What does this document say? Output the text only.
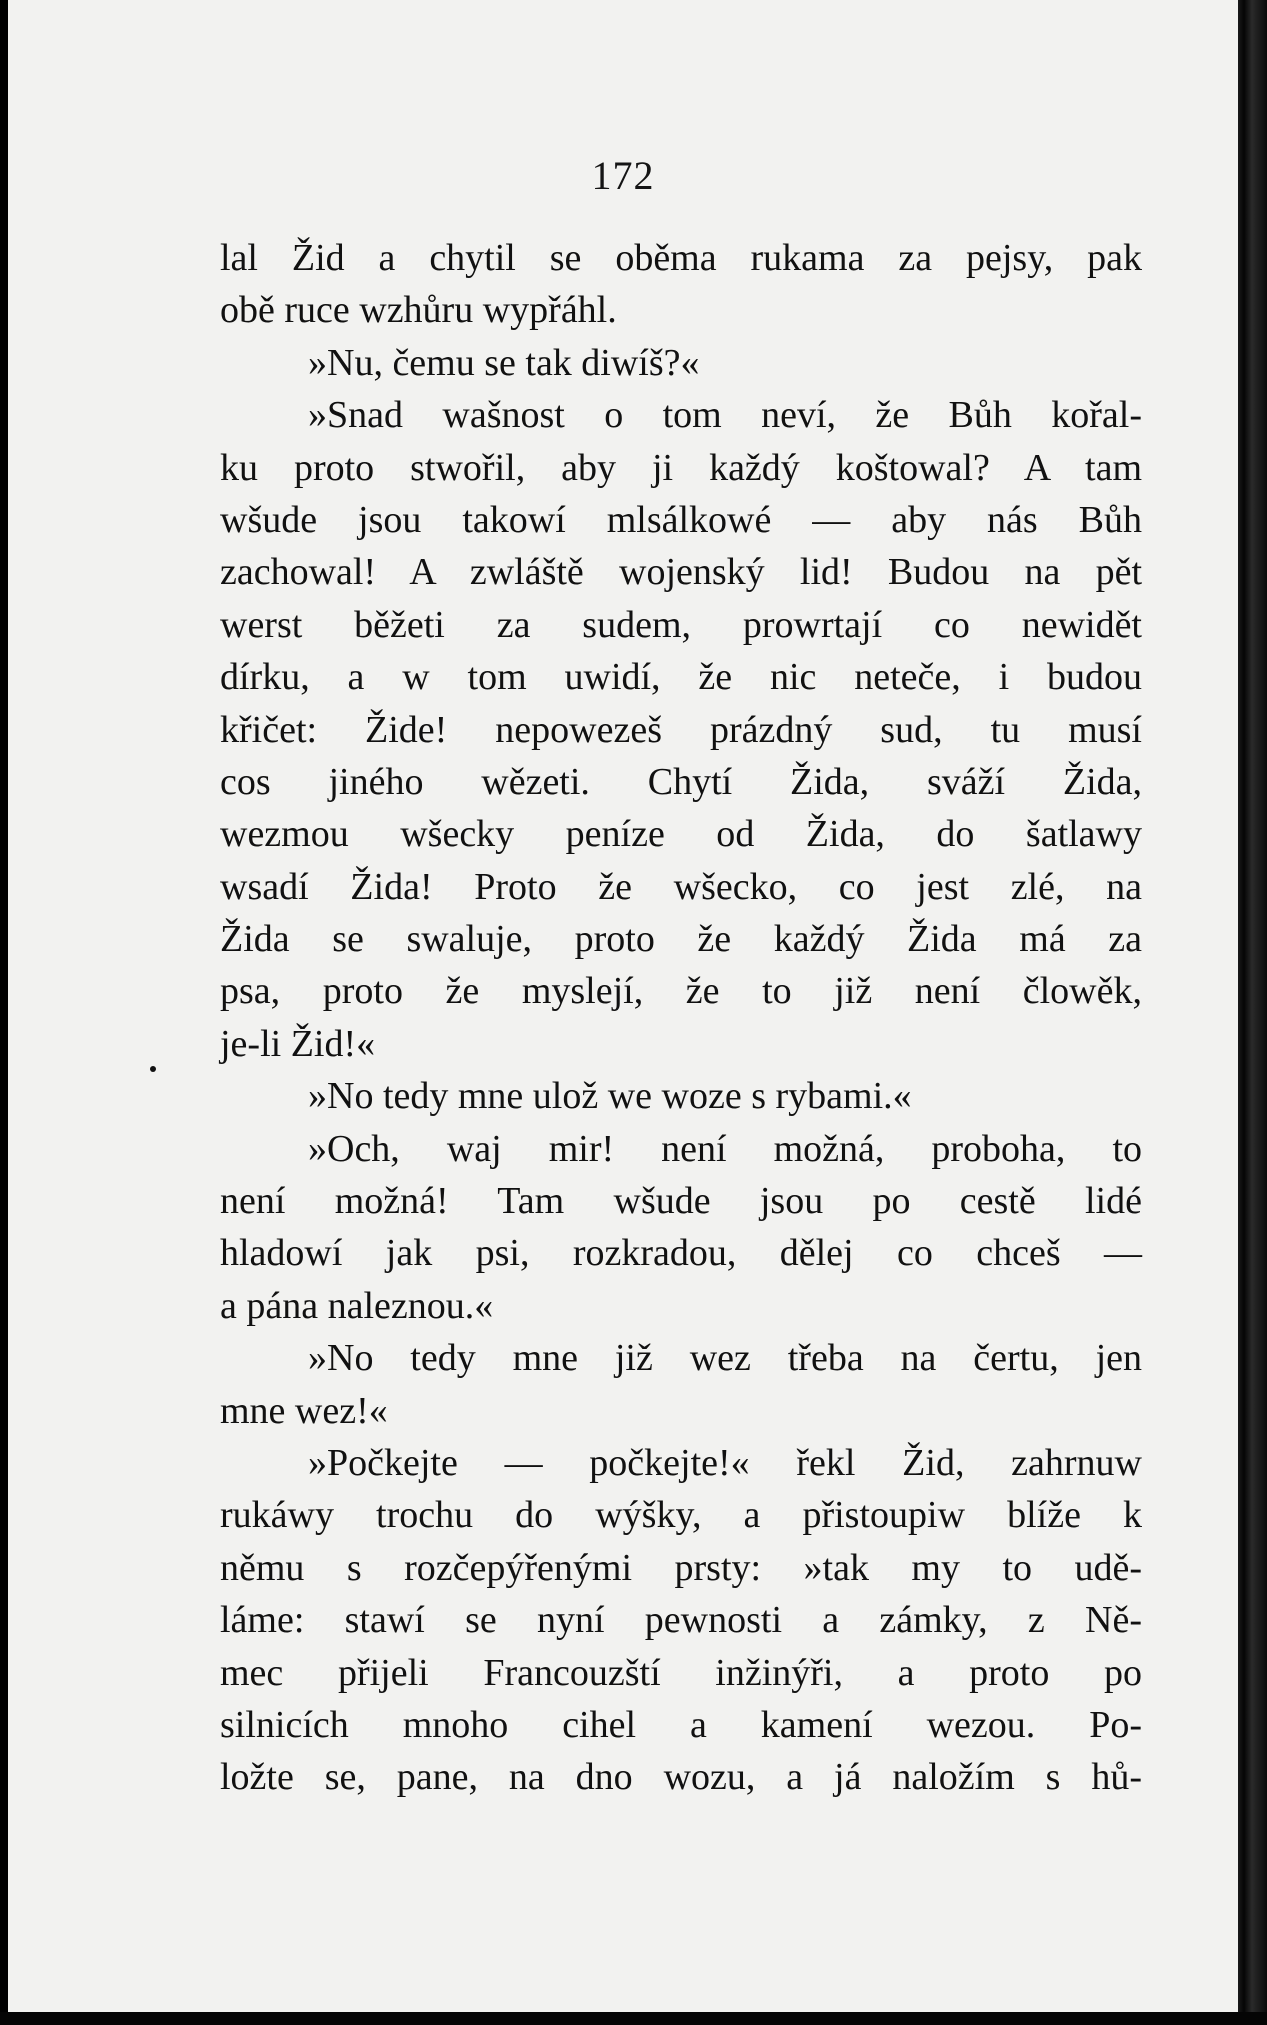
172
lal Žid a chytil se oběma rukama za pejsy, pak
obě ruce wzhůru wypřáhl.
»Nu, čemu se tak diwíš?«
»Snad wašnost o tom neví, že Bůh kořal-
ku proto stwořil, aby ji každý koštowal? A tam
wšude jsou takowí mlsálkowé — aby nás Bůh
zachowal! A zwláště wojenský lid! Budou na pět
werst běžeti za sudem, prowrtají co newidět
dírku, a w tom uwidí, že nic neteče, i budou
křičet: Žide! nepowezeš prázdný sud, tu musí
cos jiného wězeti. Chytí Žida, sváží Žida,
wezmou wšecky peníze od Žida, do šatlawy
wsadí Žida! Proto že wšecko, co jest zlé, na
Žida se swaluje, proto že každý Žida má za
psa, proto že myslejí, že to již není člowěk,
je-li Žid!«
»No tedy mne ulož we woze s rybami.«
»Och, waj mir! není možná, proboha, to
není možná! Tam wšude jsou po cestě lidé
hladowí jak psi, rozkradou, dělej co chceš —
a pána naleznou.«
»No tedy mne již wez třeba na čertu, jen
mne wez!«
»Počkejte — počkejte!« řekl Žid, zahrnuw
rukáwy trochu do wýšky, a přistoupiw blíže k
němu s rozčepýřenými prsty: »tak my to udě-
láme: stawí se nyní pewnosti a zámky, z Ně-
mec přijeli Francouzští inžinýři, a proto po
silnicích mnoho cihel a kamení wezou. Po-
ložte se, pane, na dno wozu, a já naložím s hů-
